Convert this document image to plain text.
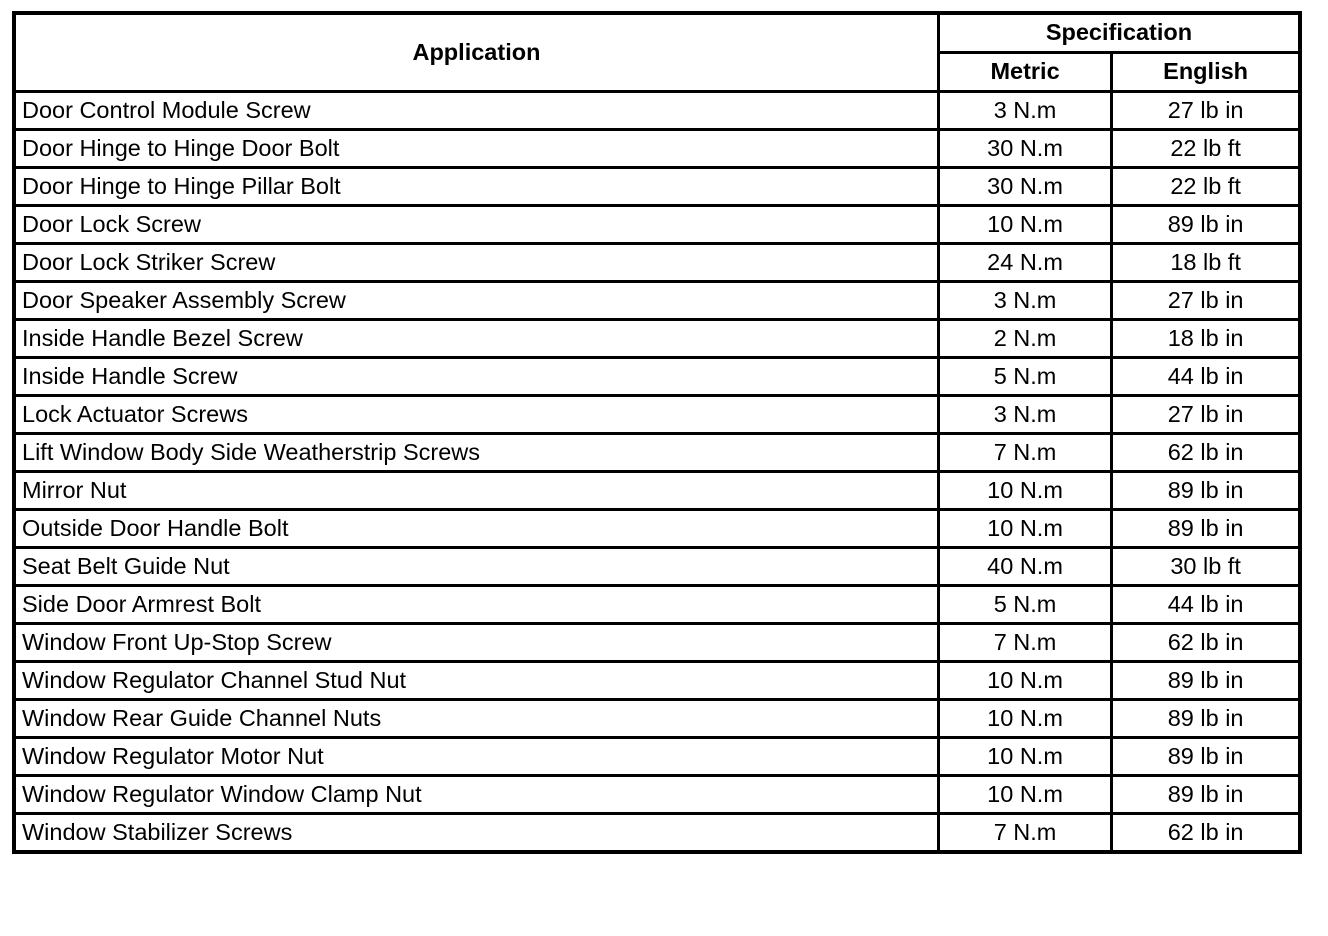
Application	Specification	
	Metric	English
Door Control Module Screw	3 N.m	27 lb in
Door Hinge to Hinge Door Bolt	30 N.m	22 lb ft
Door Hinge to Hinge Pillar Bolt	30 N.m	22 lb ft
Door Lock Screw	10 N.m	89 lb in
Door Lock Striker Screw	24 N.m	18 lb ft
Door Speaker Assembly Screw	3 N.m	27 lb in
Inside Handle Bezel Screw	2 N.m	18 lb in
Inside Handle Screw	5 N.m	44 lb in
Lock Actuator Screws	3 N.m	27 lb in
Lift Window Body Side Weatherstrip Screws	7 N.m	62 lb in
Mirror Nut	10 N.m	89 lb in
Outside Door Handle Bolt	10 N.m	89 lb in
Seat Belt Guide Nut	40 N.m	30 lb ft
Side Door Armrest Bolt	5 N.m	44 lb in
Window Front Up-Stop Screw	7 N.m	62 lb in
Window Regulator Channel Stud Nut	10 N.m	89 lb in
Window Rear Guide Channel Nuts	10 N.m	89 lb in
Window Regulator Motor Nut	10 N.m	89 lb in
Window Regulator Window Clamp Nut	10 N.m	89 lb in
Window Stabilizer Screws	7 N.m	62 lb in
